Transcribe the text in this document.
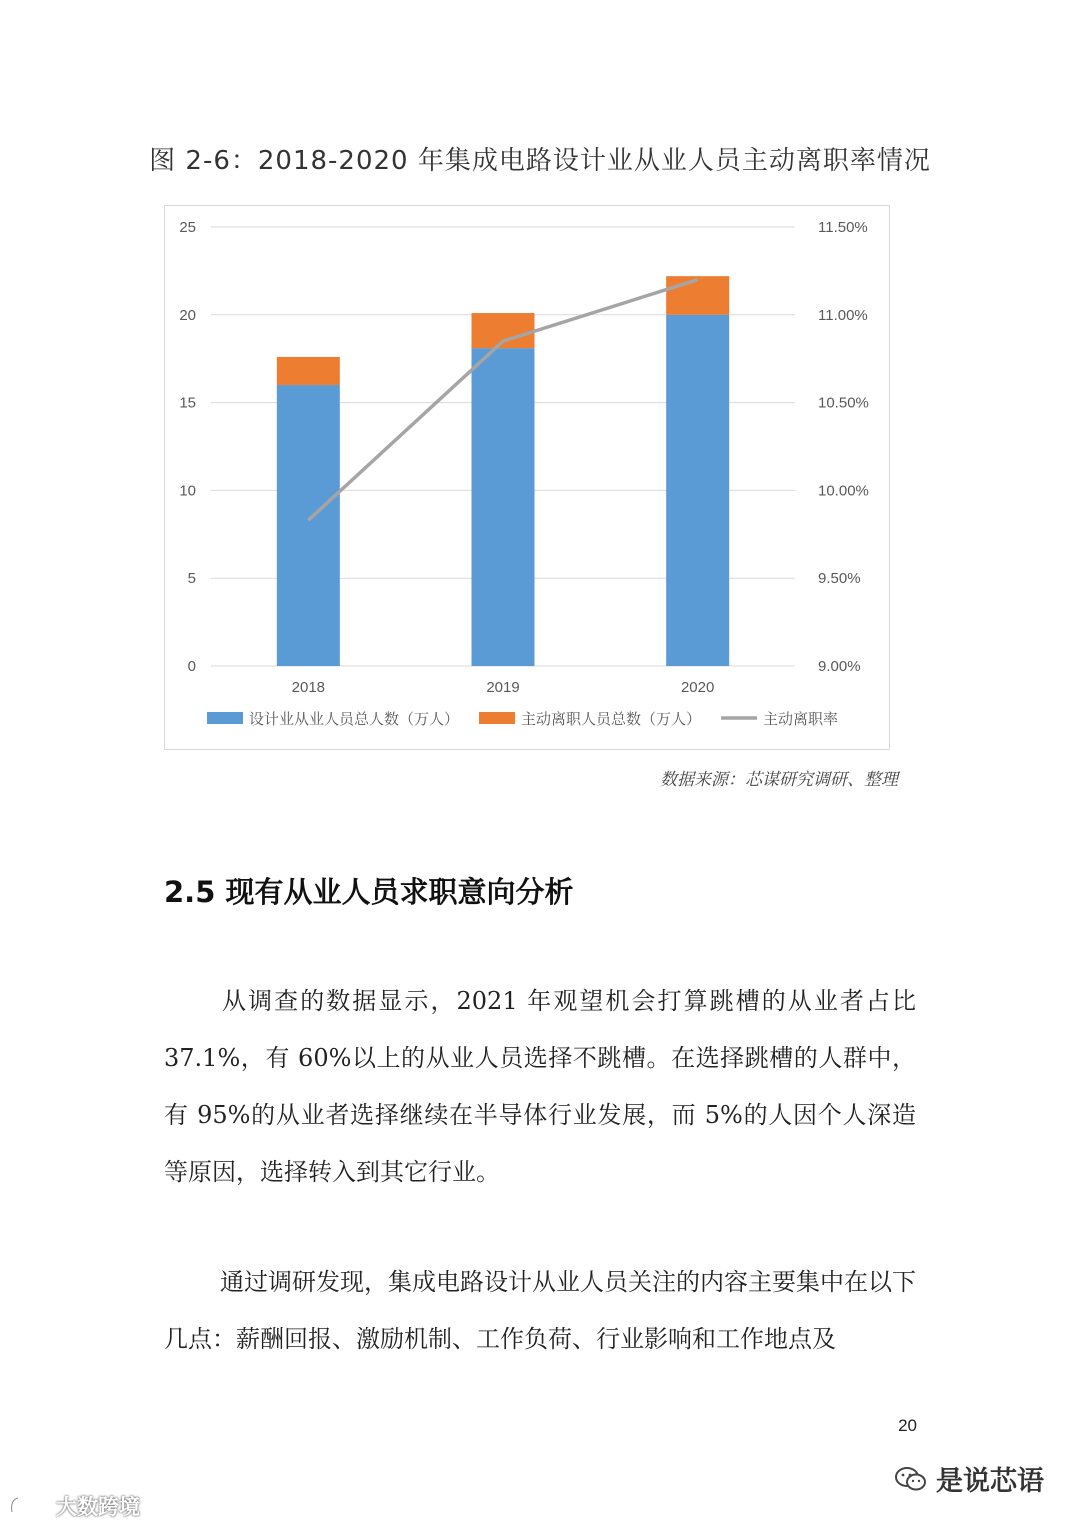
图 2-6：2018-2020 年集成电路设计业从业人员主动离职率情况
0
5
10
15
20
25
9.00%
9.50%
10.00%
10.50%
11.00%
11.50%
2018	2019	2020
设计业从业人员总人数（万人）	主动离职人员总数（万人）	主动离职率
数据来源：芯谋研究调研、整理
2.5 现有从业人员求职意向分析
从调查的数据显示，2021 年观望机会打算跳槽的从业者占比 37.1%，有 60%以上的从业人员选择不跳槽。在选择跳槽的人群中，有 95%的从业者选择继续在半导体行业发展，而 5%的人因个人深造等原因，选择转入到其它行业。
通过调研发现，集成电路设计从业人员关注的内容主要集中在以下几点：薪酬回报、激励机制、工作负荷、行业影响和工作地点及
20
是说芯语
大数跨境
